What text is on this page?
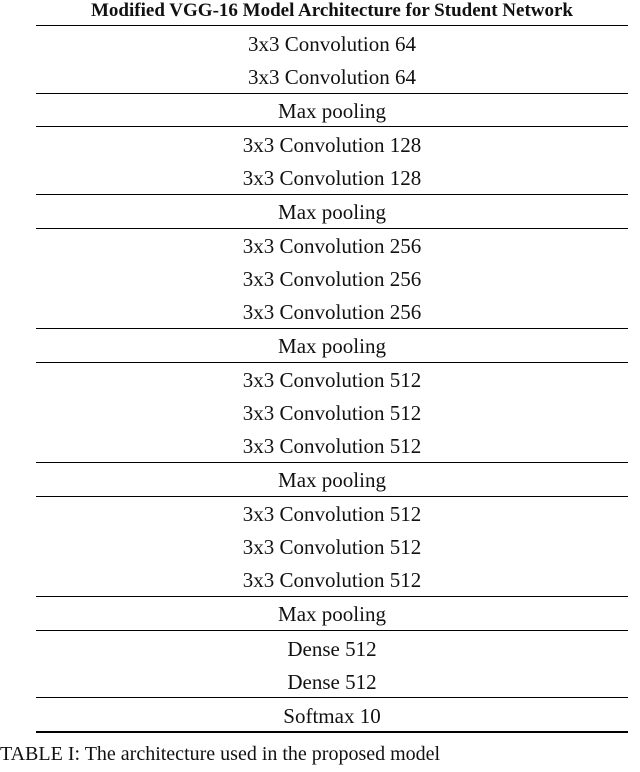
Modified VGG-16 Model Architecture for Student Network
3x3 Convolution 64
3x3 Convolution 64
Max pooling
3x3 Convolution 128
3x3 Convolution 128
Max pooling
3x3 Convolution 256
3x3 Convolution 256
3x3 Convolution 256
Max pooling
3x3 Convolution 512
3x3 Convolution 512
3x3 Convolution 512
Max pooling
3x3 Convolution 512
3x3 Convolution 512
3x3 Convolution 512
Max pooling
Dense 512
Dense 512
Softmax 10
TABLE I: The architecture used in the proposed model
